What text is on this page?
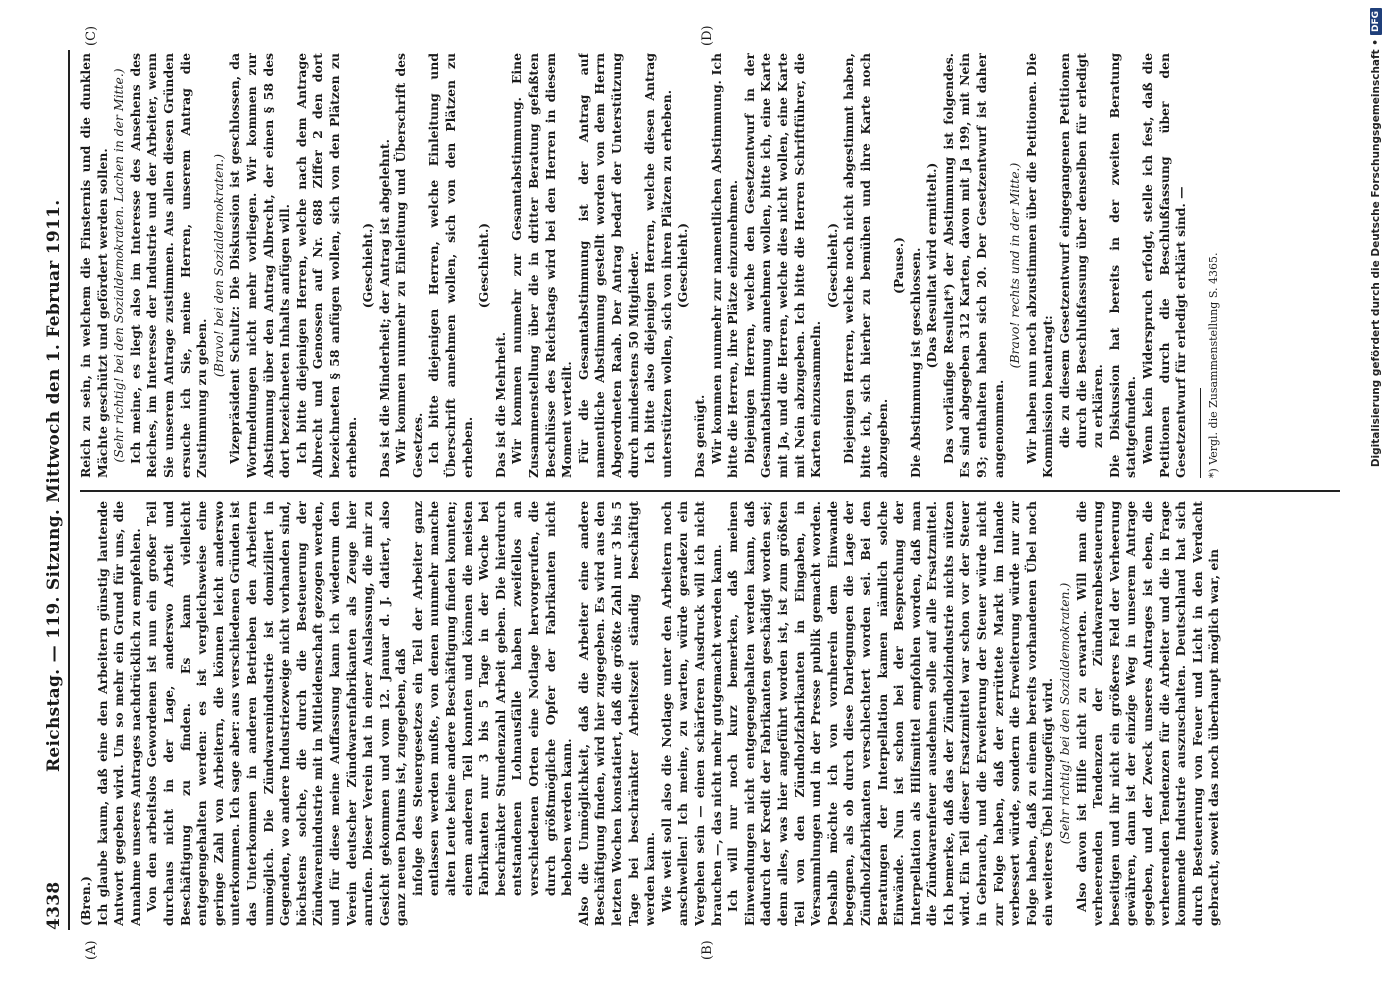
4338
Reichstag. — 119. Sitzung. Mittwoch den 1. Februar 1911.
(A)	(B)
(C)	(D)

(Bren.) Ich glaube kaum, daß eine den Arbeitern günstig lautende Antwort gegeben wird. Um so mehr ein Grund für uns, die Annahme unseres Antrages nachdrücklich zu empfehlen. Von den arbeitslos Gewordenen ist nun ein großer Teil durchaus nicht in der Lage, anderswo Arbeit und Beschäftigung zu finden. Es kann vielleicht entgegengehalten werden: es ist vergleichsweise eine geringe Zahl von Arbeitern, die können leicht anderswo unterkommen. Ich sage aber: aus verschiedenen Gründen ist das Unterkommen in anderen Betrieben den Arbeitern unmöglich. Die Zündwarenindustrie ist domiziliert in Gegenden, wo andere Industriezweige nicht vorhanden sind, höchstens solche, die durch die Besteuerung der Zündwarenindustrie mit in Mitleidenschaft gezogen werden, und für diese meine Auffassung kann ich wiederum den Verein deutscher Zündwarenfabrikanten als Zeuge hier anrufen. Dieser Verein hat in einer Auslassung, die mir zu Gesicht gekommen und vom 12. Januar d. J. datiert, also ganz neuen Datums ist, zugegeben, daß infolge des Steuergesetzes ein Teil der Arbeiter ganz entlassen werden mußte, von denen nunmehr manche alten Leute keine andere Beschäftigung finden konnten; einem anderen Teil konnten und können die meisten Fabrikanten nur 3 bis 5 Tage in der Woche bei beschränkter Stundenzahl Arbeit geben. Die hierdurch entstandenen Lohnausfälle haben zweifellos an verschiedenen Orten eine Notlage hervorgerufen, die durch größtmögliche Opfer der Fabrikanten nicht behoben werden kann. Also die Unmöglichkeit, daß die Arbeiter eine andere Beschäftigung finden, wird hier zugegeben. Es wird aus den letzten Wochen konstatiert, daß die größte Zahl nur 3 bis 5 Tage bei beschränkter Arbeitszeit ständig beschäftigt werden kann. Wie weit soll also die Notlage unter den Arbeitern noch anschwellen! Ich meine, zu warten, würde geradezu ein Vergehen sein — einen schärferen Ausdruck will ich nicht brauchen —, das nicht mehr gutgemacht werden kann. Ich will nur noch kurz bemerken, daß meinen Einwendungen nicht entgegengehalten werden kann, daß dadurch der Kredit der Fabrikanten geschädigt worden sei; denn alles, was hier angeführt worden ist, ist zum größten Teil von den Zündholzfabrikanten in Eingaben, in Versammlungen und in der Presse publik gemacht worden. Deshalb möchte ich von vornherein dem Einwande begegnen, als ob durch diese Darlegungen die Lage der Zündholzfabrikanten verschlechtert worden sei. Bei den Beratungen der Interpellation kamen nämlich solche Einwände. Nun ist schon bei der Besprechung der Interpellation als Hilfsmittel empfohlen worden, daß man die Zündwarenfeuer ausdehnen solle auf alle Ersatzmittel. Ich bemerke, daß das der Zündholzindustrie nichts nützen wird. Ein Teil dieser Ersatzmittel war schon vor der Steuer in Gebrauch, und die Erweiterung der Steuer würde nicht zur Folge haben, daß der zerrüttete Markt im Inlande verbessert würde, sondern die Erweiterung würde nur zur Folge haben, daß zu einem bereits vorhandenen Übel noch ein weiteres Übel hinzugefügt wird. (Sehr richtig! bei den Sozialdemokraten.) Also davon ist Hilfe nicht zu erwarten. Will man die verheerenden Tendenzen der Zündwarenbesteuerung beseitigen und ihr nicht ein größeres Feld der Verheerung gewähren, dann ist der einzige Weg in unserem Antrage gegeben, und der Zweck unseres Antrages ist eben, die verheerenden Tendenzen für die Arbeiter und die in Frage kommende Industrie auszuschalten. Deutschland hat sich durch Besteuerung von Feuer und Licht in den Verdacht gebracht, soweit das noch überhaupt möglich war, ein

Reich zu sein, in welchem die Finsternis und die dunklen Mächte geschützt und gefördert werden sollen. (Sehr richtig! bei den Sozialdemokraten. Lachen in der Mitte.) Ich meine, es liegt also im Interesse des Ansehens des Reiches, im Interesse der Industrie und der Arbeiter, wenn Sie unserem Antrage zustimmen. Aus allen diesen Gründen ersuche ich Sie, meine Herren, unserem Antrag die Zustimmung zu geben.

(Bravo! bei den Sozialdemokraten.) Vizepräsident Schultz: Die Diskussion ist geschlossen, da Wortmeldungen nicht mehr vorliegen. Wir kommen zur Abstimmung über den Antrag Albrecht, der einen § 58 des dort bezeichneten Inhalts anfügen will. Ich bitte diejenigen Herren, welche nach dem Antrage Albrecht und Genossen auf Nr. 688 Ziffer 2 den dort bezeichneten § 58 anfügen wollen, sich von den Plätzen zu erheben.

(Geschieht.) Das ist die Minderheit; der Antrag ist abgelehnt. Wir kommen nunmehr zu Einleitung und Überschrift des Gesetzes. Ich bitte diejenigen Herren, welche Einleitung und Überschrift annehmen wollen, sich von den Plätzen zu erheben.

(Geschieht.)

Das ist die Mehrheit. Wir kommen nunmehr zur Gesamtabstimmung. Eine Zusammenstellung über die in dritter Beratung gefaßten Beschlüsse des Reichstags wird bei den Herren in diesem Moment verteilt. Für die Gesamtabstimmung ist der Antrag auf namentliche Abstimmung gestellt worden von dem Herrn Abgeordneten Raab. Der Antrag bedarf der Unterstützung durch mindestens 50 Mitglieder. Ich bitte also diejenigen Herren, welche diesen Antrag unterstützen wollen, sich von ihren Plätzen zu erheben. (Geschieht.)

Das genügt. Wir kommen nunmehr zur namentlichen Abstimmung. Ich bitte die Herren, ihre Plätze einzunehmen. Diejenigen Herren, welche den Gesetzentwurf in der Gesamtabstimmung annehmen wollen, bitte ich, eine Karte mit Ja, und die Herren, welche dies nicht wollen, eine Karte mit Nein abzugeben. Ich bitte die Herren Schriftführer, die Karten einzusammeln.

(Geschieht.) Diejenigen Herren, welche noch nicht abgestimmt haben, bitte ich, sich hierher zu bemühen und ihre Karte noch abzugeben.

(Pause.) Die Abstimmung ist geschlossen. (Das Resultat wird ermittelt.) Das vorläufige Resultat*) der Abstimmung ist folgendes. Es sind abgegeben 312 Karten, davon mit Ja 199, mit Nein 93; enthalten haben sich 20. Der Gesetzentwurf ist daher angenommen.

(Bravo! rechts und in der Mitte.) Wir haben nun noch abzustimmen über die Petitionen. Die Kommission beantragt: die zu diesem Gesetzentwurf eingegangenen Petitionen durch die Beschlußfassung über denselben für erledigt zu erklären. Die Diskussion hat bereits in der zweiten Beratung stattgefunden. Wenn kein Widerspruch erfolgt, stelle ich fest, daß die Petitionen durch die Beschlußfassung über den Gesetzentwurf für erledigt erklärt sind. — *) Vergl. die Zusammenstellung S. 4365.	Digitalisierung gefördert durch die Deutsche Forschungsgemeinschaft •
DFG
